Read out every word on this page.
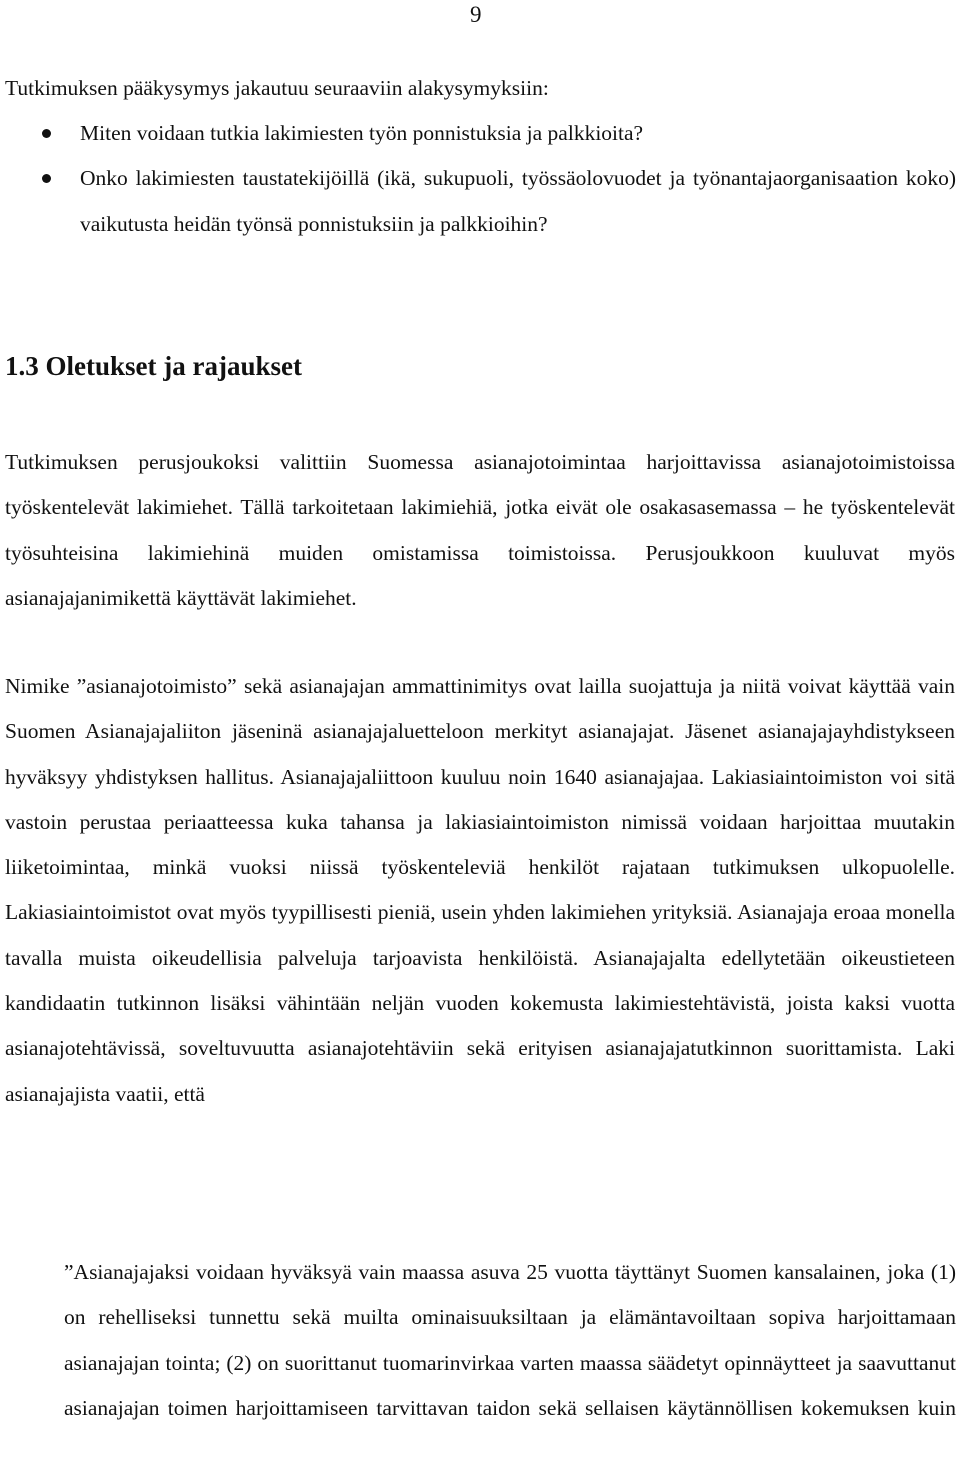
9

Tutkimuksen pääkysymys jakautuu seuraaviin alakysymyksiin:

Miten voidaan tutkia lakimiesten työn ponnistuksia ja palkkioita?
Onko lakimiesten taustatekijöillä (ikä, sukupuoli, työssäolovuodet ja työnantajaorganisaation koko) vaikutusta heidän työnsä ponnistuksiin ja palkkioihin?
1.3 Oletukset ja rajaukset

Tutkimuksen perusjoukoksi valittiin Suomessa asianajotoimintaa harjoittavissa asianajotoimistoissa työskentelevät lakimiehet. Tällä tarkoitetaan lakimiehiä, jotka eivät ole osakasasemassa – he työskentelevät työsuhteisina lakimiehinä muiden omistamissa toimistoissa. Perusjoukkoon kuuluvat myös asianajajanimikettä käyttävät lakimiehet.

Nimike ”asianajotoimisto” sekä asianajajan ammattinimitys ovat lailla suojattuja ja niitä voivat käyttää vain Suomen Asianajajaliiton jäseninä asianajajaluetteloon merkityt asianajajat. Jäsenet asianajajayhdistykseen hyväksyy yhdistyksen hallitus. Asianajajaliittoon kuuluu noin 1640 asianajajaa. Lakiasiaintoimiston voi sitä vastoin perustaa periaatteessa kuka tahansa ja lakiasiaintoimiston nimissä voidaan harjoittaa muutakin liiketoimintaa, minkä vuoksi niissä työskenteleviä henkilöt rajataan tutkimuksen ulkopuolelle. Lakiasiaintoimistot ovat myös tyypillisesti pieniä, usein yhden lakimiehen yrityksiä. Asianajaja eroaa monella tavalla muista oikeudellisia palveluja tarjoavista henkilöistä. Asianajajalta edellytetään oikeustieteen kandidaatin tutkinnon lisäksi vähintään neljän vuoden kokemusta lakimiestehtävistä, joista kaksi vuotta asianajotehtävissä, soveltuvuutta asianajotehtäviin sekä erityisen asianajajatutkinnon suorittamista. Laki asianajajista vaatii, että

”Asianajajaksi voidaan hyväksyä vain maassa asuva 25 vuotta täyttänyt Suomen kansalainen, joka (1) on rehelliseksi tunnettu sekä muilta ominaisuuksiltaan ja elämäntavoiltaan sopiva harjoittamaan asianajajan tointa; (2) on suorittanut tuomarinvirkaa varten maassa säädetyt opinnäytteet ja saavuttanut asianajajan toimen harjoittamiseen tarvittavan taidon sekä sellaisen käytännöllisen kokemuksen kuin
